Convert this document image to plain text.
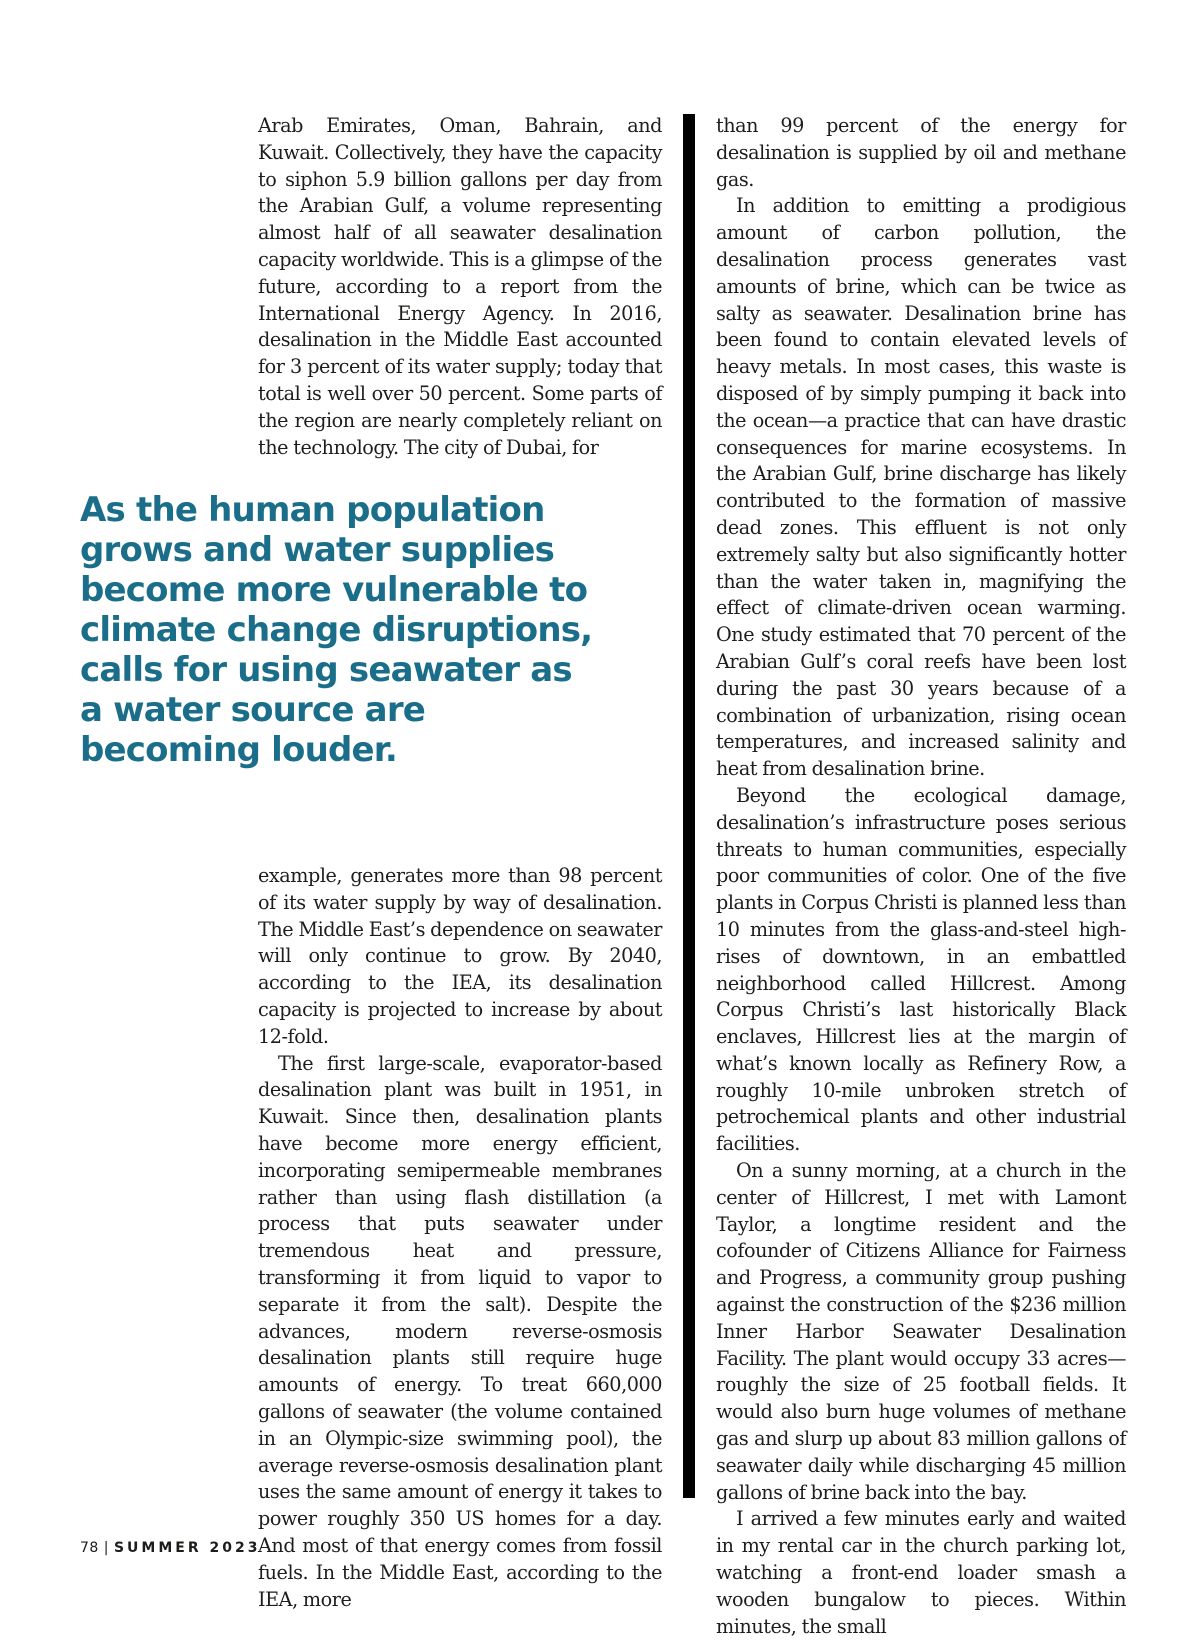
Arab Emirates, Oman, Bahrain, and Kuwait. Collectively, they have the capacity to siphon 5.9 billion gallons per day from the Arabian Gulf, a volume representing almost half of all seawater desalination capacity worldwide. This is a glimpse of the future, according to a report from the International Energy Agency. In 2016, desalination in the Middle East accounted for 3 percent of its water supply; today that total is well over 50 percent. Some parts of the region are nearly completely reliant on the technology. The city of Dubai, for

As the human population grows and water supplies become more vulnerable to climate change disruptions, calls for using seawater as a water source are becoming louder.

example, generates more than 98 percent of its water supply by way of desalination. The Middle East’s dependence on seawater will only continue to grow. By 2040, according to the IEA, its desalination capacity is projected to increase by about 12-fold.

The first large-scale, evaporator-based desalination plant was built in 1951, in Kuwait. Since then, desalination plants have become more energy efficient, incorporating semipermeable membranes rather than using flash distillation (a process that puts seawater under tremendous heat and pressure, transforming it from liquid to vapor to separate it from the salt). Despite the advances, modern reverse-osmosis desalination plants still require huge amounts of energy. To treat 660,000 gallons of seawater (the volume contained in an Olympic-size swimming pool), the average reverse-osmosis desalination plant uses the same amount of energy it takes to power roughly 350 US homes for a day. And most of that energy comes from fossil fuels. In the Middle East, according to the IEA, more

than 99 percent of the energy for desalination is supplied by oil and methane gas.

In addition to emitting a prodigious amount of carbon pollution, the desalination process generates vast amounts of brine, which can be twice as salty as seawater. Desalination brine has been found to contain elevated levels of heavy metals. In most cases, this waste is disposed of by simply pumping it back into the ocean—a practice that can have drastic consequences for marine ecosystems. In the Arabian Gulf, brine discharge has likely contributed to the formation of massive dead zones. This effluent is not only extremely salty but also significantly hotter than the water taken in, magnifying the effect of climate-driven ocean warming. One study estimated that 70 percent of the Arabian Gulf’s coral reefs have been lost during the past 30 years because of a combination of urbanization, rising ocean temperatures, and increased salinity and heat from desalination brine.

Beyond the ecological damage, desalination’s infrastructure poses serious threats to human communities, especially poor communities of color. One of the five plants in Corpus Christi is planned less than 10 minutes from the glass-and-steel high-rises of downtown, in an embattled neighborhood called Hillcrest. Among Corpus Christi’s last historically Black enclaves, Hillcrest lies at the margin of what’s known locally as Refinery Row, a roughly 10-mile unbroken stretch of petrochemical plants and other industrial facilities.

On a sunny morning, at a church in the center of Hillcrest, I met with Lamont Taylor, a longtime resident and the cofounder of Citizens Alliance for Fairness and Progress, a community group pushing against the construction of the $236 million Inner Harbor Seawater Desalination Facility. The plant would occupy 33 acres—roughly the size of 25 football fields. It would also burn huge volumes of methane gas and slurp up about 83 million gallons of seawater daily while discharging 45 million gallons of brine back into the bay.

I arrived a few minutes early and waited in my rental car in the church parking lot, watching a front-end loader smash a wooden bungalow to pieces. Within minutes, the small

78 | SUMMER 2023
